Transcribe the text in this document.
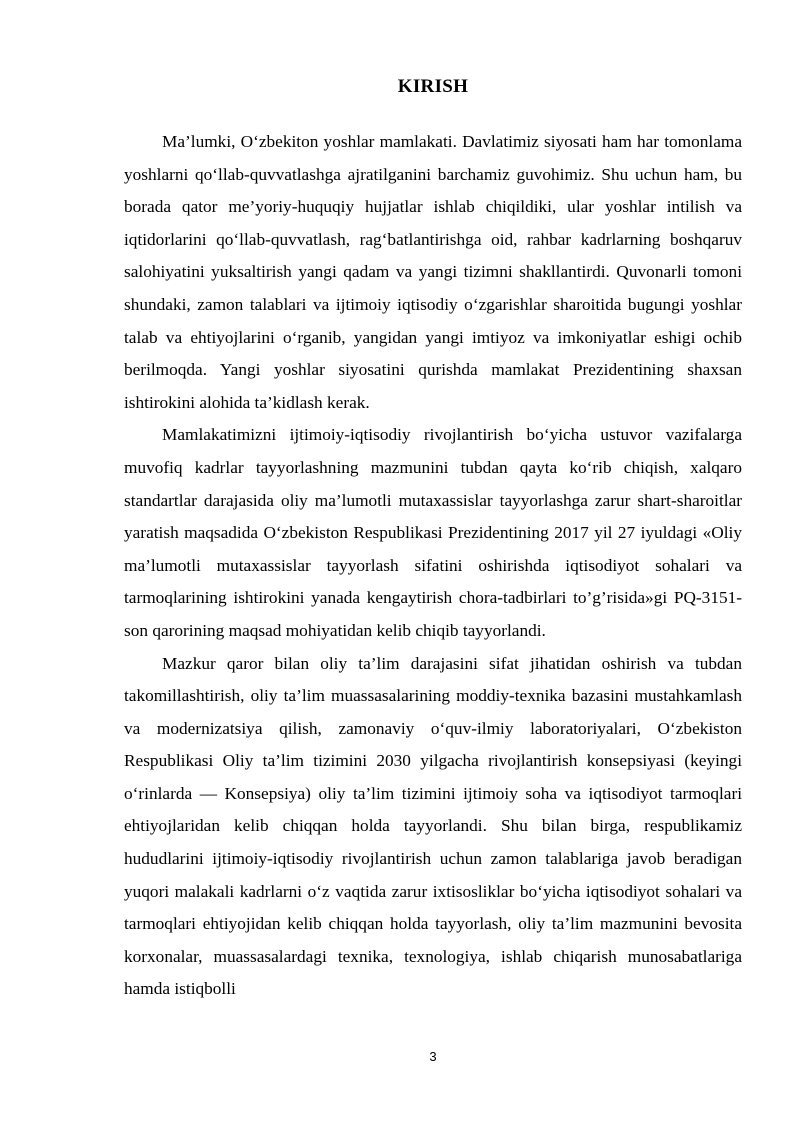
KIRISH

Ma’lumki, O‘zbekiton yoshlar mamlakati. Davlatimiz siyosati ham har tomonlama yoshlarni qo‘llab-quvvatlashga ajratilganini barchamiz guvohimiz. Shu uchun ham, bu borada qator me’yoriy-huquqiy hujjatlar ishlab chiqildiki, ular yoshlar intilish va iqtidorlarini qo‘llab-quvvatlash, rag‘batlantirishga oid, rahbar kadrlarning boshqaruv salohiyatini yuksaltirish yangi qadam va yangi tizimni shakllantirdi. Quvonarli tomoni shundaki, zamon talablari va ijtimoiy iqtisodiy o‘zgarishlar sharoitida bugungi yoshlar talab va ehtiyojlarini o‘rganib, yangidan yangi imtiyoz va imkoniyatlar eshigi ochib berilmoqda. Yangi yoshlar siyosatini qurishda mamlakat Prezidentining shaxsan ishtirokini alohida ta’kidlash kerak.

Mamlakatimizni ijtimoiy-iqtisodiy rivojlantirish bo‘yicha ustuvor vazifalarga muvofiq kadrlar tayyorlashning mazmunini tubdan qayta ko‘rib chiqish, xalqaro standartlar darajasida oliy ma’lumotli mutaxassislar tayyorlashga zarur shart-sharoitlar yaratish maqsadida O‘zbekiston Respublikasi Prezidentining 2017 yil 27 iyuldagi «Oliy ma’lumotli mutaxassislar tayyorlash sifatini oshirishda iqtisodiyot sohalari va tarmoqlarining ishtirokini yanada kengaytirish chora-tadbirlari to’g’risida»gi PQ-3151- son qarorining maqsad mohiyatidan kelib chiqib tayyorlandi.

Mazkur qaror bilan oliy ta’lim darajasini sifat jihatidan oshirish va tubdan takomillashtirish, oliy ta’lim muassasalarining moddiy-texnika bazasini mustahkamlash va modernizatsiya qilish, zamonaviy o‘quv-ilmiy laboratoriyalari, O‘zbekiston Respublikasi Oliy ta’lim tizimini 2030 yilgacha rivojlantirish konsepsiyasi (keyingi o‘rinlarda — Konsepsiya) oliy ta’lim tizimini ijtimoiy soha va iqtisodiyot tarmoqlari ehtiyojlaridan kelib chiqqan holda tayyorlandi. Shu bilan birga, respublikamiz hududlarini ijtimoiy-iqtisodiy rivojlantirish uchun zamon talablariga javob beradigan yuqori malakali kadrlarni o‘z vaqtida zarur ixtisosliklar bo‘yicha iqtisodiyot sohalari va tarmoqlari ehtiyojidan kelib chiqqan holda tayyorlash, oliy ta’lim mazmunini bevosita korxonalar, muassasalardagi texnika, texnologiya, ishlab chiqarish munosabatlariga hamda istiqbolli

3
